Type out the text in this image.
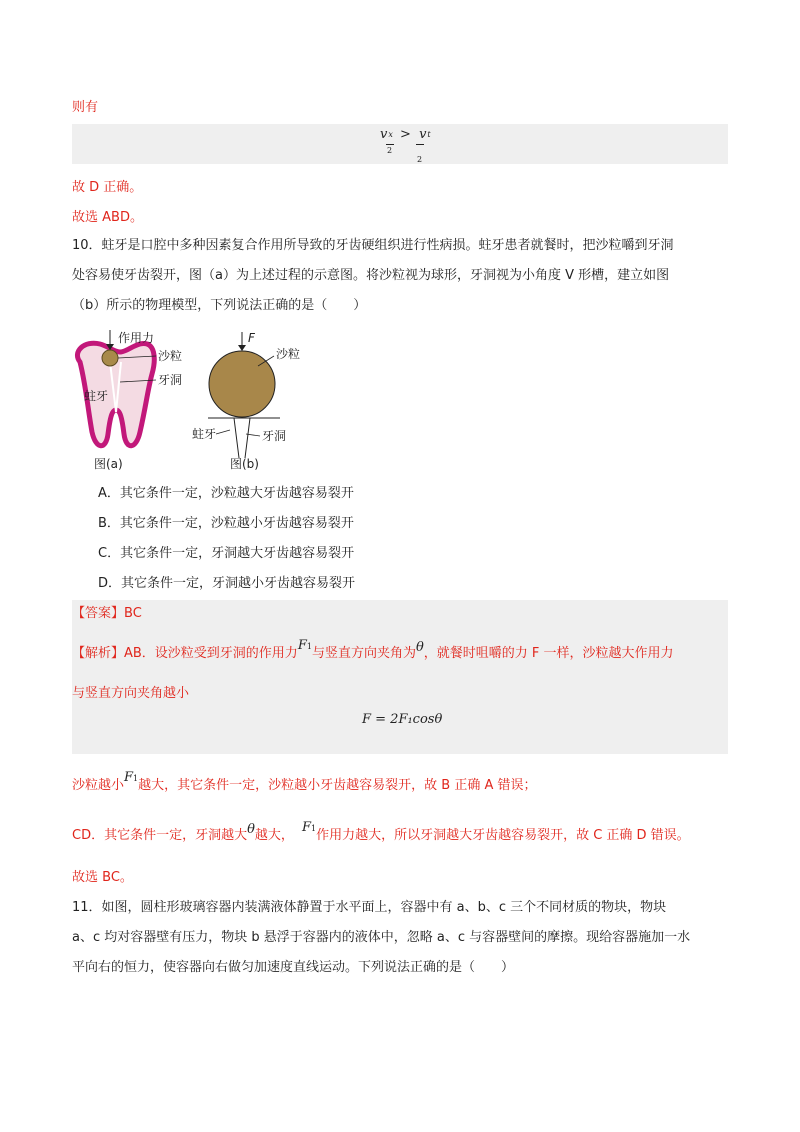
则有
vx > vt
2
2
故 D 正确。
故选 ABD。
10．蛀牙是口腔中多种因素复合作用所导致的牙齿硬组织进行性病损。蛀牙患者就餐时，把沙粒嚼到牙洞
处容易使牙齿裂开，图（a）为上述过程的示意图。将沙粒视为球形，牙洞视为小角度 V 形槽，建立如图
（b）所示的物理模型，下列说法正确的是（　　）
作用力
沙粒
牙洞
蛀牙
图(a)
F
沙粒
蛀牙	牙洞
图(b)
A．其它条件一定，沙粒越大牙齿越容易裂开
B．其它条件一定，沙粒越小牙齿越容易裂开
C．其它条件一定，牙洞越大牙齿越容易裂开
D．其它条件一定，牙洞越小牙齿越容易裂开
【答案】BC
【解析】AB．设沙粒受到牙洞的作用力F1与竖直方向夹角为θ，就餐时咀嚼的力 F 一样，沙粒越大作用力
与竖直方向夹角越小
F = 2F₁cosθ
沙粒越小F1越大，其它条件一定，沙粒越小牙齿越容易裂开，故 B 正确 A 错误；
CD．其它条件一定，牙洞越大θ越大，F1作用力越大，所以牙洞越大牙齿越容易裂开，故 C 正确 D 错误。
故选 BC。
11．如图，圆柱形玻璃容器内装满液体静置于水平面上，容器中有 a、b、c 三个不同材质的物块，物块
a、c 均对容器壁有压力，物块 b 悬浮于容器内的液体中，忽略 a、c 与容器壁间的摩擦。现给容器施加一水
平向右的恒力，使容器向右做匀加速度直线运动。下列说法正确的是（　　）
